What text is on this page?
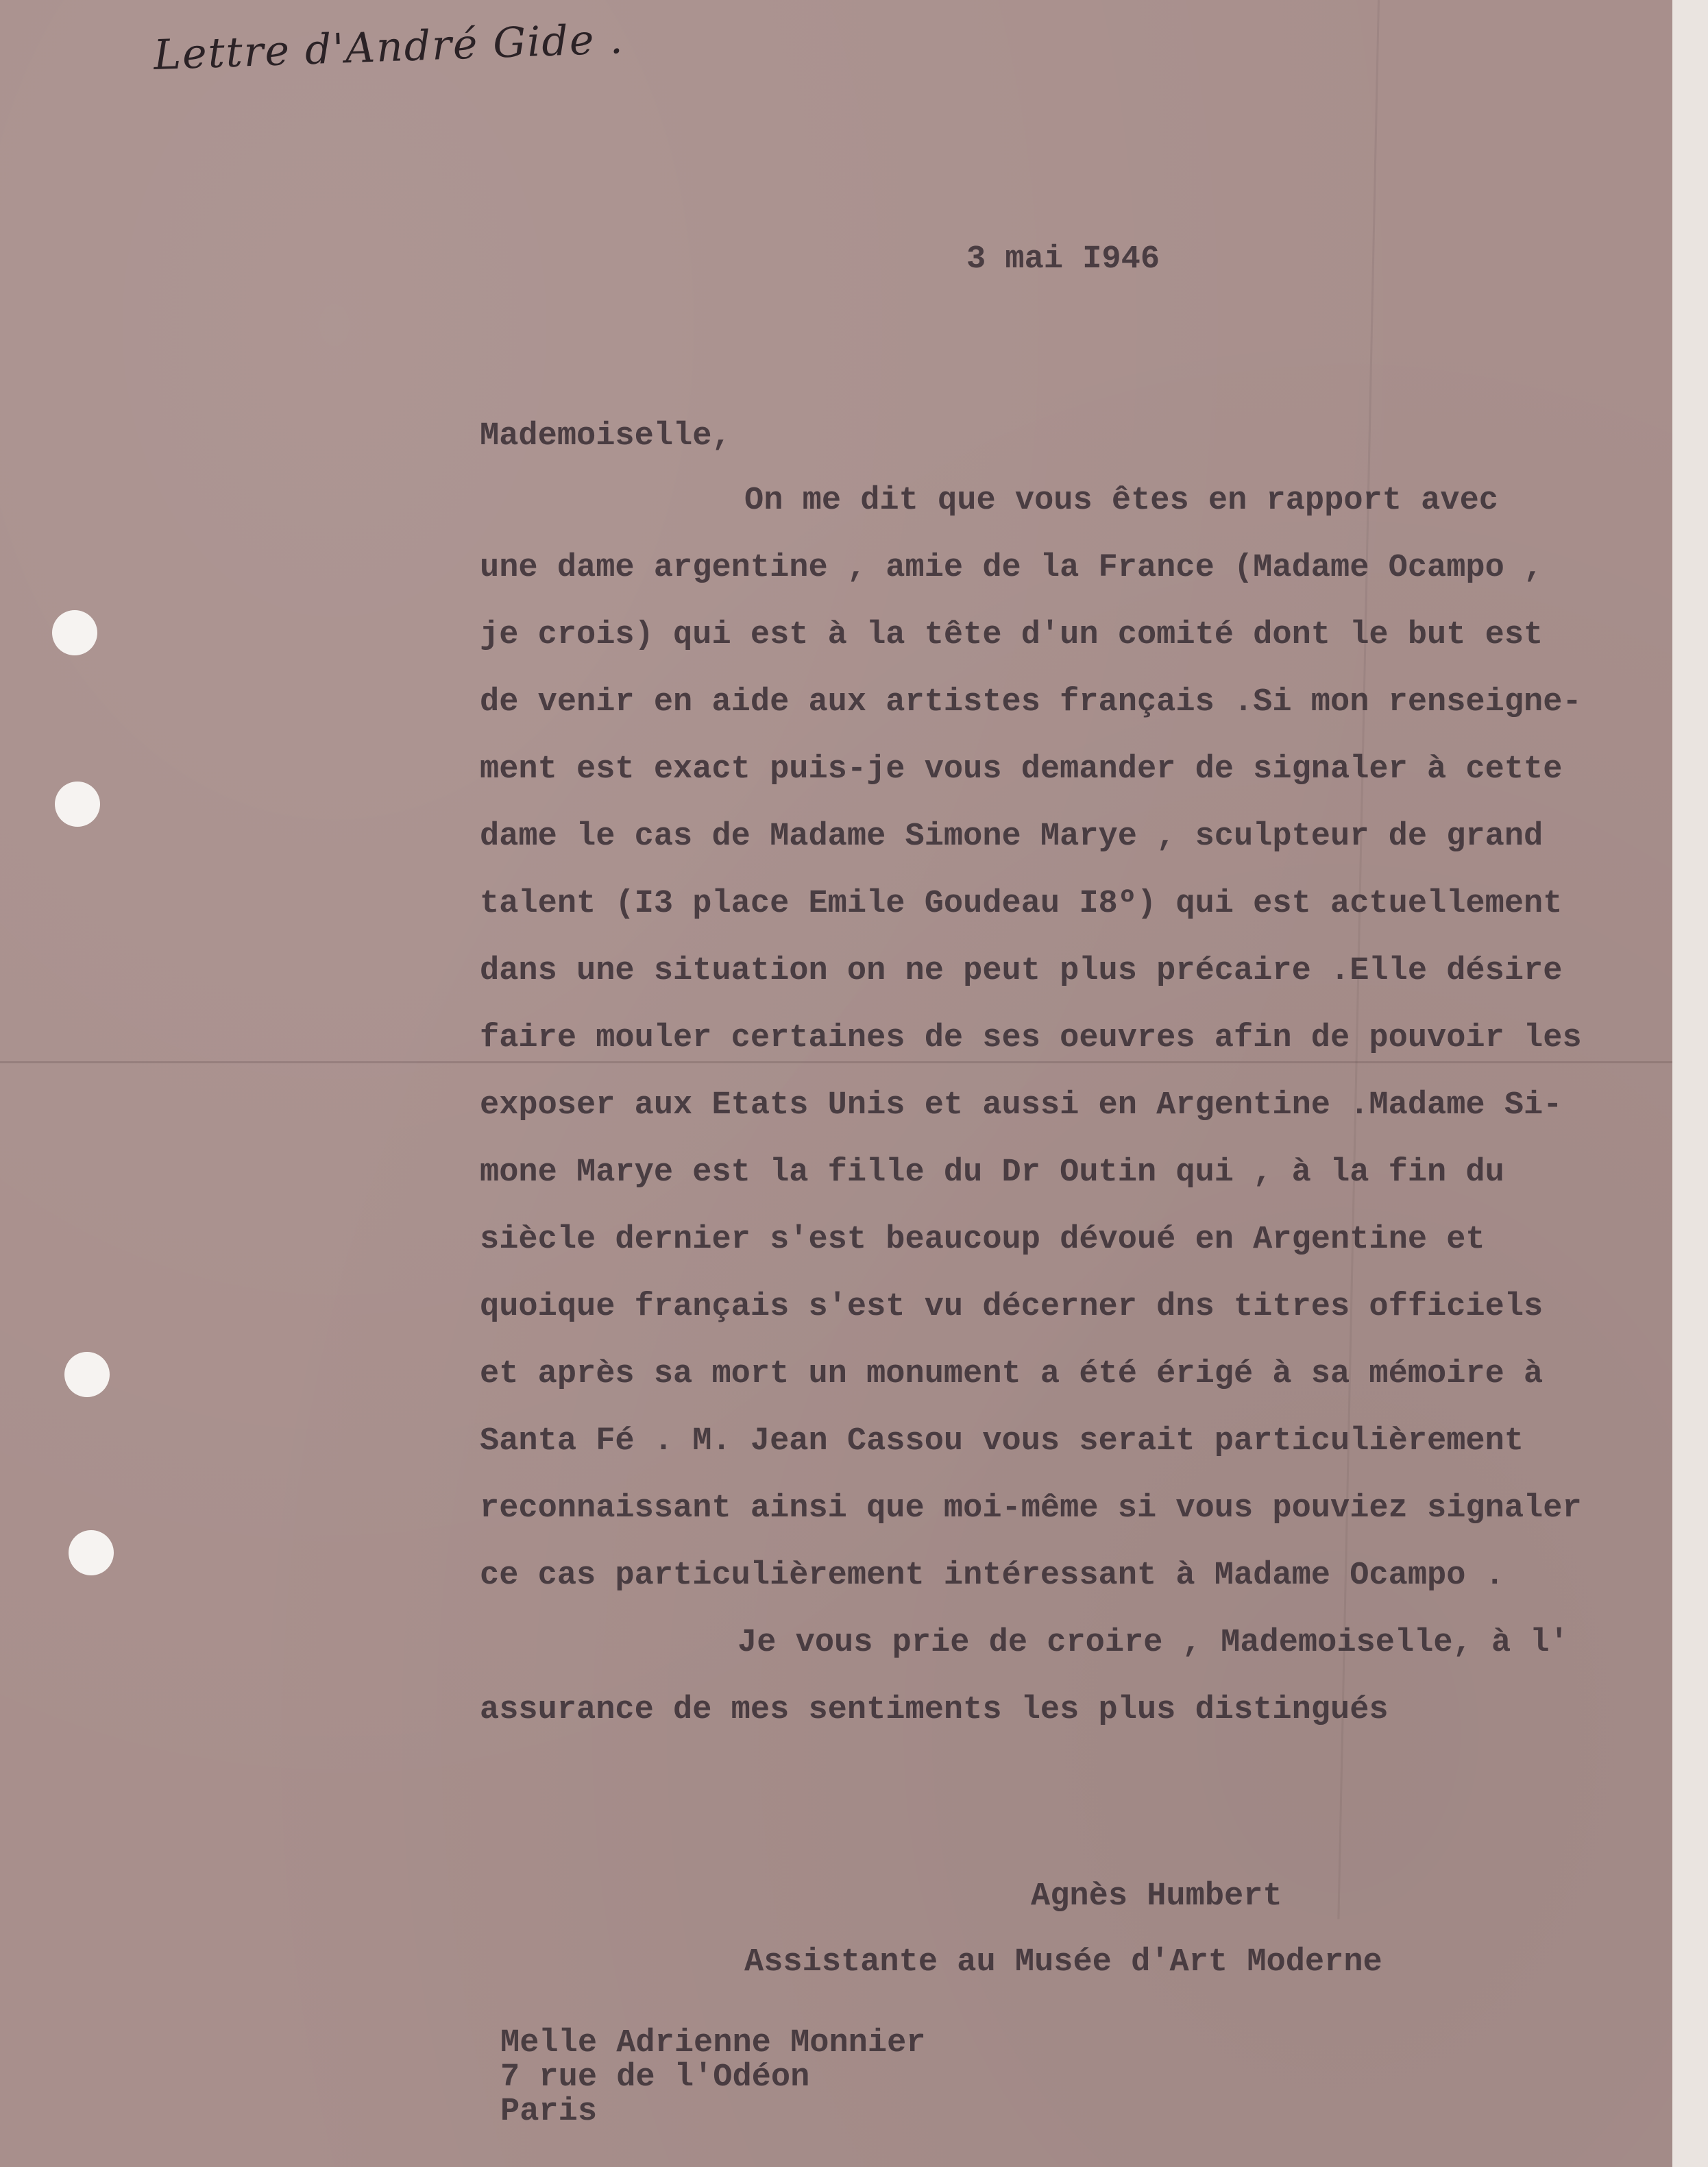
Lettre d'André Gide .
3 mai I946
Mademoiselle,
On me dit que vous êtes en rapport avec
une dame argentine , amie de la France (Madame Ocampo ,
je crois) qui est à la tête d'un comité dont le but est
de venir en aide aux artistes français .Si mon renseigne-
ment est exact puis-je vous demander de signaler à cette
dame le cas de Madame Simone Marye , sculpteur de grand
talent (I3 place Emile Goudeau I8º) qui est actuellement
dans une situation on ne peut plus précaire .Elle désire
faire mouler certaines de ses oeuvres afin de pouvoir les
exposer aux Etats Unis et aussi en Argentine .Madame Si-
mone Marye est la fille du Dr Outin qui , à la fin du
siècle dernier s'est beaucoup dévoué en Argentine et
quoique français s'est vu décerner dns titres officiels
et après sa mort un monument a été érigé à sa mémoire à
Santa Fé . M. Jean Cassou vous serait particulièrement
reconnaissant ainsi que moi-même si vous pouviez signaler
ce cas particulièrement intéressant à Madame Ocampo .
Je vous prie de croire , Mademoiselle, à l'
assurance de mes sentiments les plus distingués
Agnès Humbert
Assistante au Musée d'Art Moderne
Melle Adrienne Monnier
7 rue de l'Odéon
Paris
